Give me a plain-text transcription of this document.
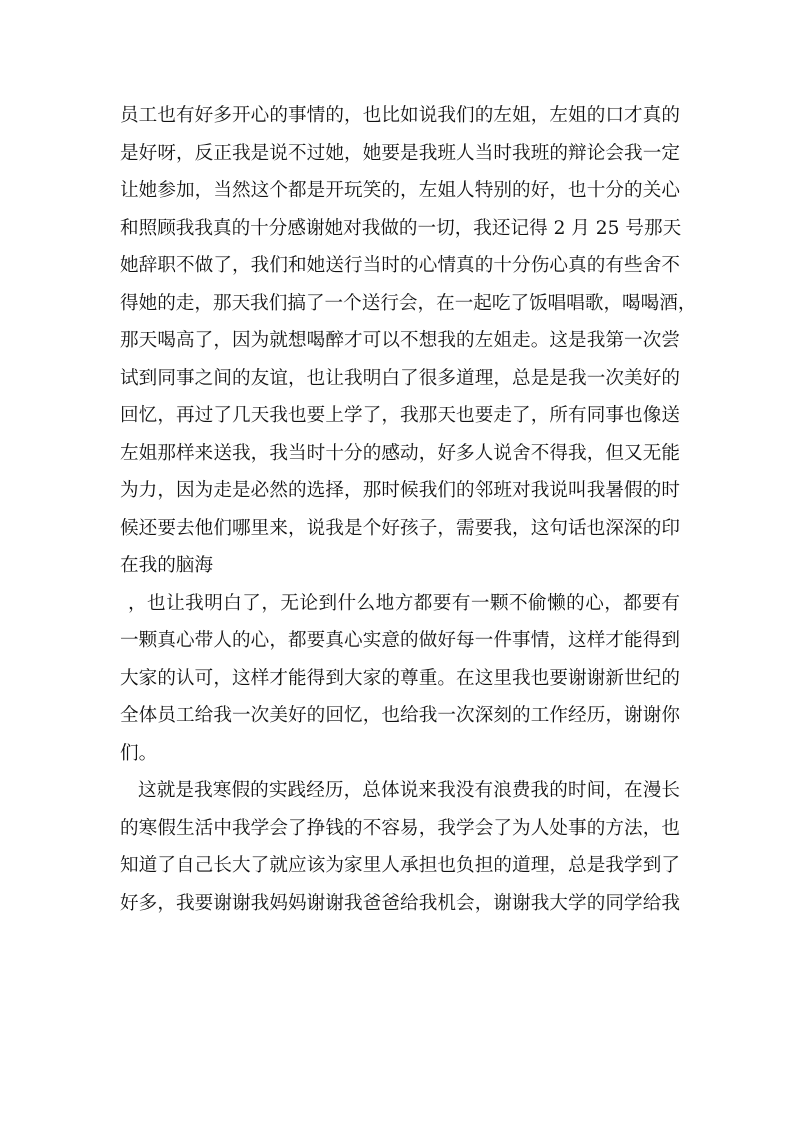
员工也有好多开心的事情的，也比如说我们的左姐，左姐的口才真的
是好呀，反正我是说不过她，她要是我班人当时我班的辩论会我一定
让她参加，当然这个都是开玩笑的，左姐人特别的好，也十分的关心
和照顾我我真的十分感谢她对我做的一切，我还记得 2 月 25 号那天
她辞职不做了，我们和她送行当时的心情真的十分伤心真的有些舍不
得她的走，那天我们搞了一个送行会，在一起吃了饭唱唱歌，喝喝酒，
那天喝高了，因为就想喝醉才可以不想我的左姐走。这是我第一次尝
试到同事之间的友谊，也让我明白了很多道理，总是是我一次美好的
回忆，再过了几天我也要上学了，我那天也要走了，所有同事也像送
左姐那样来送我，我当时十分的感动，好多人说舍不得我，但又无能
为力，因为走是必然的选择，那时候我们的邻班对我说叫我暑假的时
候还要去他们哪里来，说我是个好孩子，需要我，这句话也深深的印
在我的脑海
，也让我明白了，无论到什么地方都要有一颗不偷懒的心，都要有
一颗真心带人的心，都要真心实意的做好每一件事情，这样才能得到
大家的认可，这样才能得到大家的尊重。在这里我也要谢谢新世纪的
全体员工给我一次美好的回忆，也给我一次深刻的工作经历，谢谢你
们。
这就是我寒假的实践经历，总体说来我没有浪费我的时间，在漫长
的寒假生活中我学会了挣钱的不容易，我学会了为人处事的方法，也
知道了自己长大了就应该为家里人承担也负担的道理，总是我学到了
好多，我要谢谢我妈妈谢谢我爸爸给我机会，谢谢我大学的同学给我
